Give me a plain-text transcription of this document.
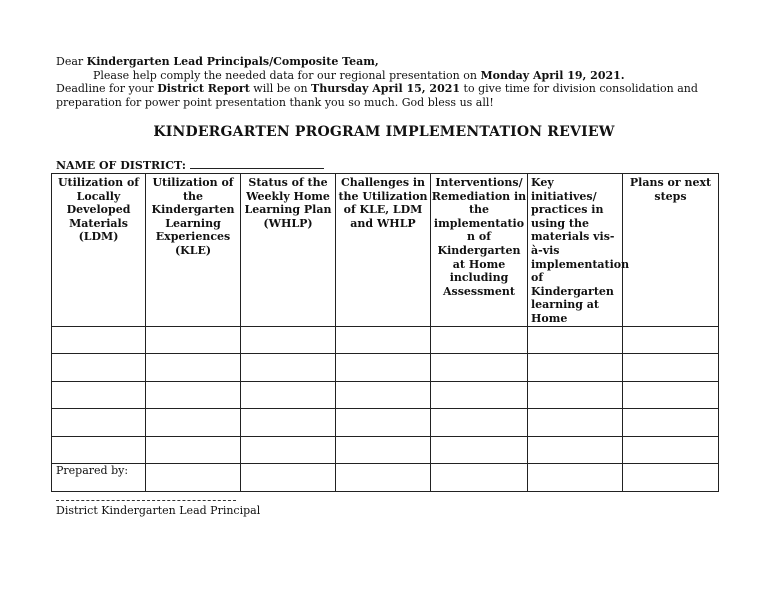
Dear Kindergarten Lead Principals/Composite Team,

Please help comply the needed data for our regional presentation on Monday April 19, 2021.

Deadline for your District Report will be on Thursday April 15, 2021 to give time for division consolidation and preparation for power point presentation thank you so much. God bless us all!

KINDERGARTEN PROGRAM IMPLEMENTATION REVIEW
NAME OF DISTRICT:
Utilization of Locally Developed Materials (LDM)	Utilization of the Kindergarten Learning Experiences (KLE)	Status of the Weekly Home Learning Plan (WHLP)	Challenges in the Utilization of KLE, LDM and WHLP	Interventions/ Remediation in the implementatio n of Kindergarten at Home including Assessment	Key initiatives/ practices in using the materials vis-à-vis implementation of Kindergarten learning at Home	Plans or next steps

Prepared by:
District Kindergarten Lead Principal
